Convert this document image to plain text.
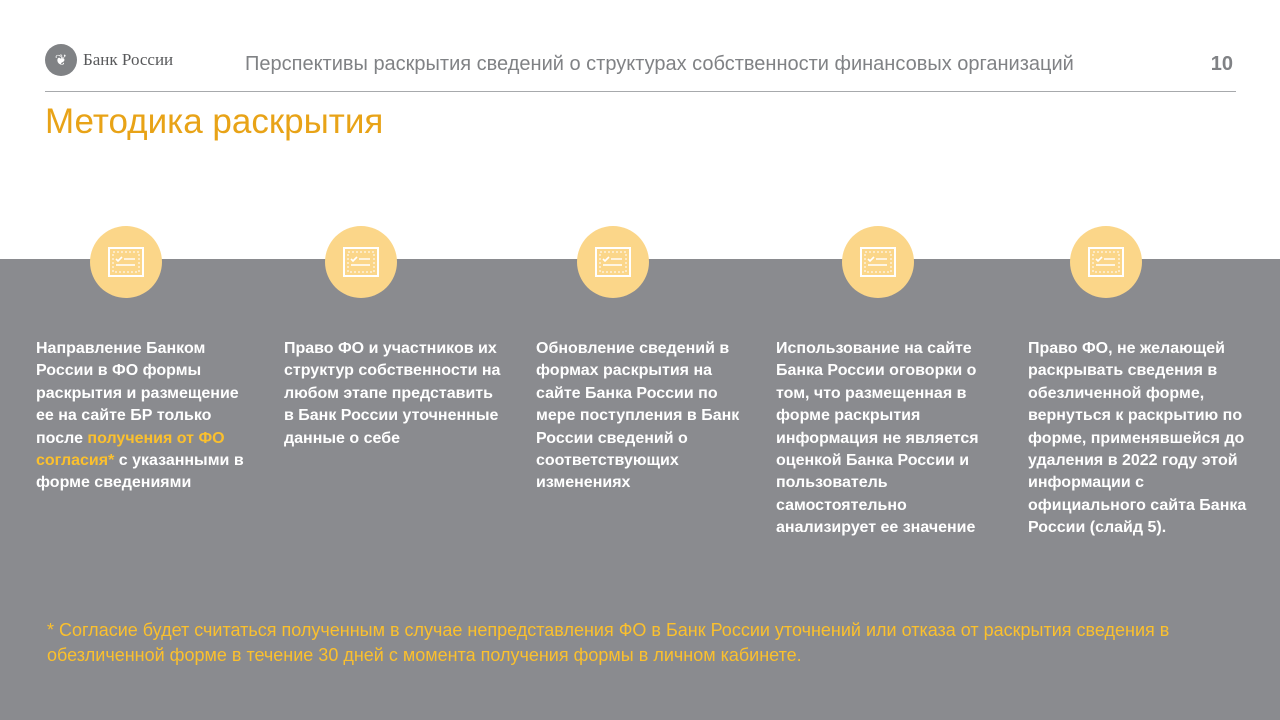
❦ Банк России	Перспективы раскрытия сведений о структурах собственности финансовых организаций	10
Методика раскрытия
Направление Банком России в ФО формы раскрытия и размещение ее на сайте БР только после получения от ФО согласия* с указанными в форме сведениями
Право ФО и участников их структур собственности на любом этапе представить в Банк России уточненные данные о себе
Обновление сведений в формах раскрытия на сайте Банка России по мере поступления в Банк России сведений о соответствующих изменениях
Использование на сайте Банка России оговорки о том, что размещенная в форме раскрытия информация не является оценкой Банка России и пользователь самостоятельно анализирует ее значение
Право ФО, не желающей раскрывать сведения в обезличенной форме, вернуться к раскрытию по форме, применявшейся до удаления в 2022 году этой информации с официального сайта Банка России (слайд 5).
* Согласие будет считаться полученным в случае непредставления ФО в Банк России уточнений или отказа от раскрытия сведения в обезличенной форме в течение 30 дней с момента получения формы в личном кабинете.
